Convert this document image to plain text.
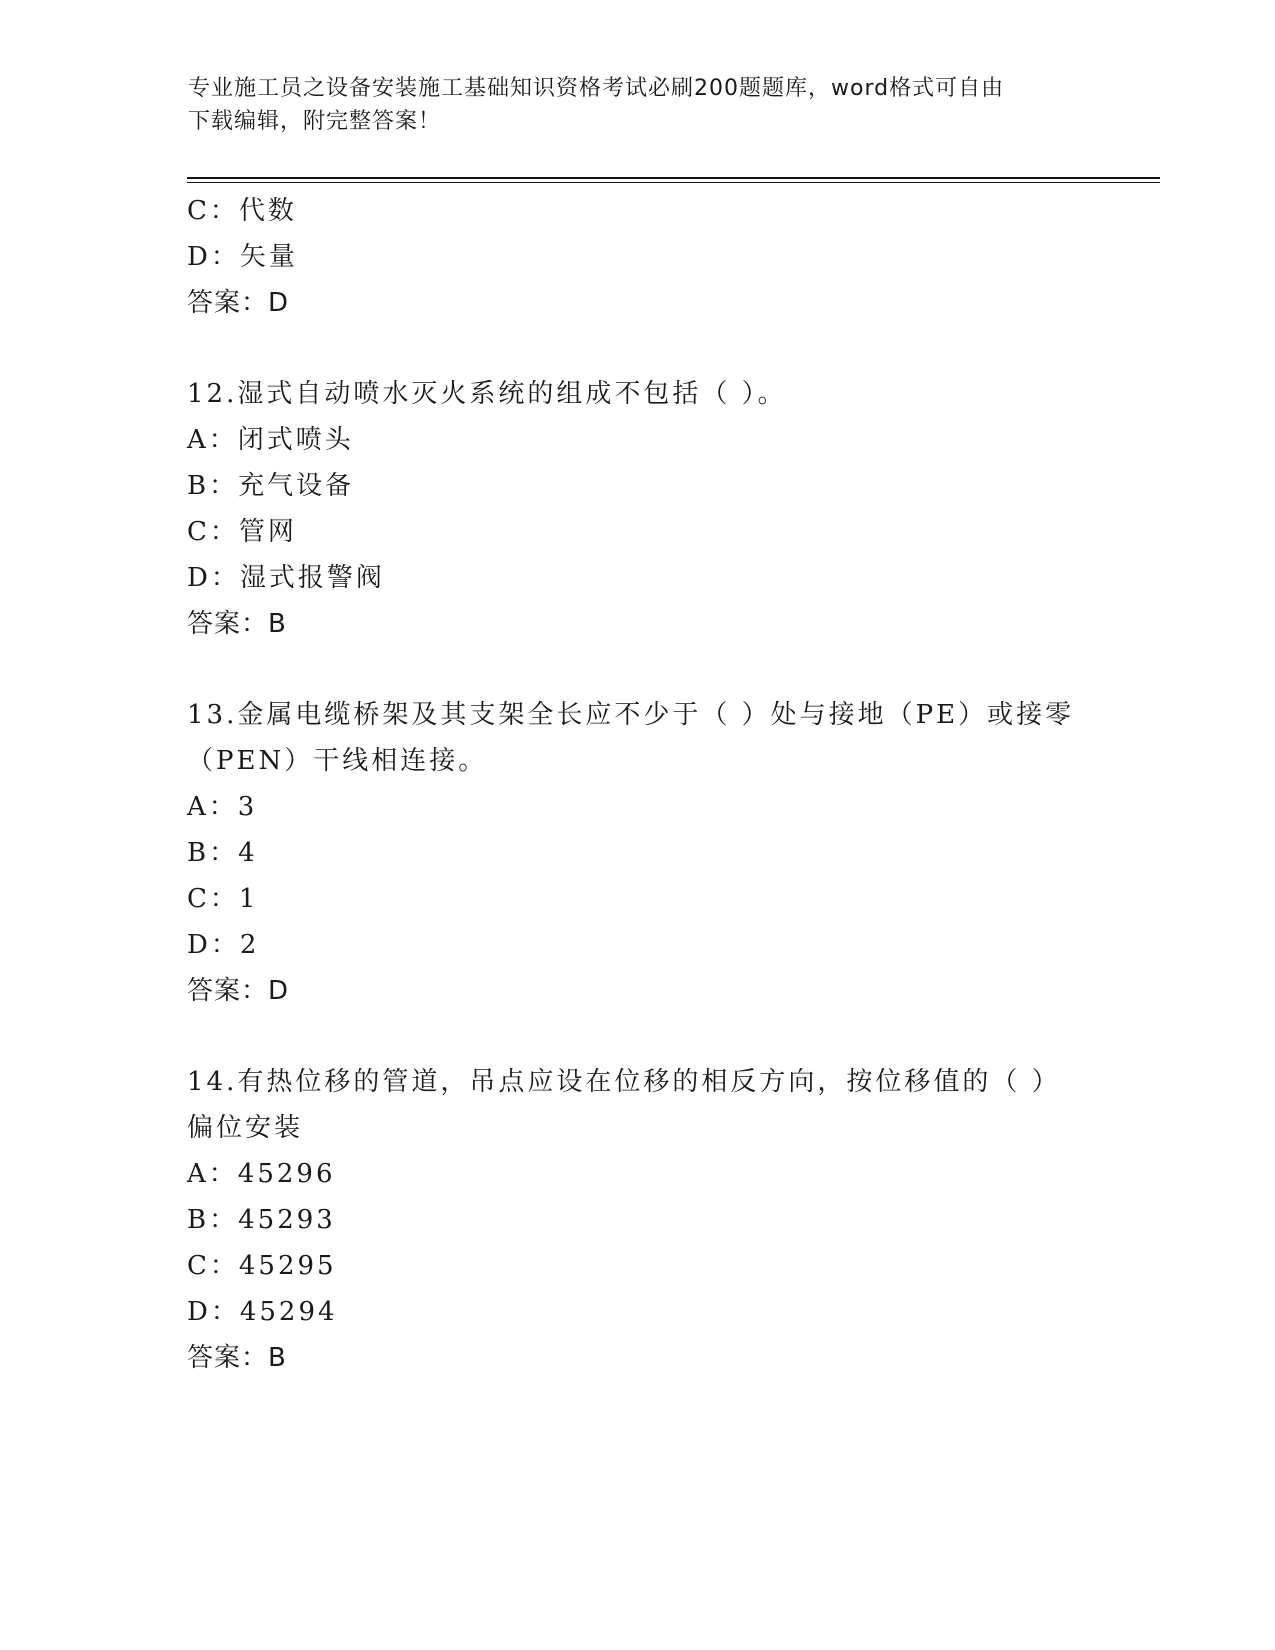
专业施工员之设备安装施工基础知识资格考试必刷200题题库，word格式可自由
下载编辑，附完整答案！
C：代数
D：矢量
答案：D
12.湿式自动喷水灭火系统的组成不包括（ ）。
A：闭式喷头
B：充气设备
C：管网
D：湿式报警阀
答案：B
13.金属电缆桥架及其支架全长应不少于（ ）处与接地（PE）或接零
（PEN）干线相连接。
A：3
B：4
C：1
D：2
答案：D
14.有热位移的管道，吊点应设在位移的相反方向，按位移值的（ ）
偏位安装
A：45296
B：45293
C：45295
D：45294
答案：B
